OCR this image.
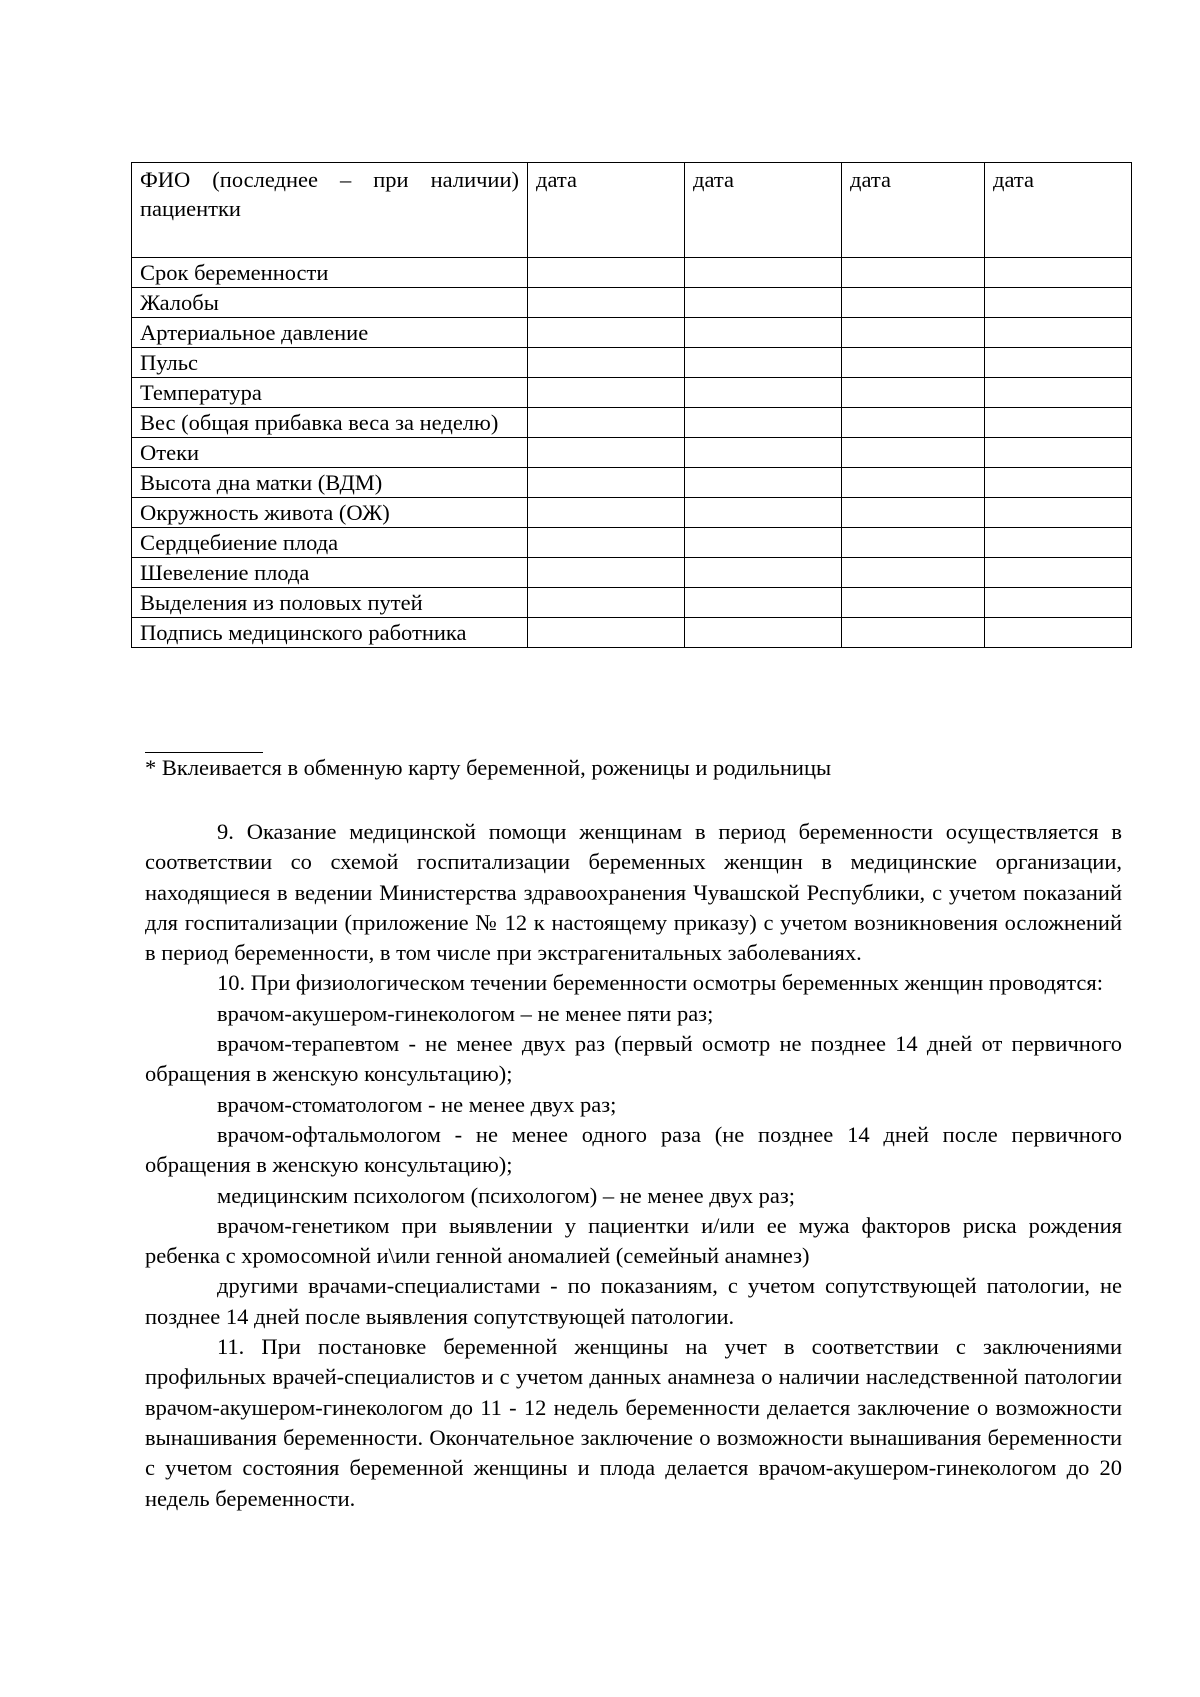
ФИО (последнее – при наличии)
пациентки	дата	дата	дата	дата
Срок беременности				
Жалобы				
Артериальное давление				
Пульс				
Температура				
Вес (общая прибавка веса за неделю)				
Отеки				
Высота дна матки (ВДМ)				
Окружность живота (ОЖ)				
Сердцебиение плода				
Шевеление плода				
Выделения из половых путей				
Подпись медицинского работника				
* Вклеивается в обменную карту беременной, роженицы и родильницы

9. Оказание медицинской помощи женщинам в период беременности осуществляется в соответствии со схемой госпитализации беременных женщин в медицинские организации, находящиеся в ведении Министерства здравоохранения Чувашской Республики, с учетом показаний для госпитализации (приложение № 12 к настоящему приказу) с учетом возникновения осложнений в период беременности, в том числе при экстрагенитальных заболеваниях.

10. При физиологическом течении беременности осмотры беременных женщин проводятся:

врачом-акушером-гинекологом – не менее пяти раз;

врачом-терапевтом - не менее двух раз (первый осмотр не позднее 14 дней от первичного обращения в женскую консультацию);

врачом-стоматологом - не менее двух раз;

врачом-офтальмологом - не менее одного раза (не позднее 14 дней после первичного обращения в женскую консультацию);

медицинским психологом (психологом) – не менее двух раз;

врачом-генетиком при выявлении у пациентки и/или ее мужа факторов риска рождения ребенка с хромосомной и\или генной аномалией (семейный анамнез)

другими врачами-специалистами - по показаниям, с учетом сопутствующей патологии, не позднее 14 дней после выявления сопутствующей патологии.

11. При постановке беременной женщины на учет в соответствии с заключениями профильных врачей-специалистов и с учетом данных анамнеза о наличии наследственной патологии врачом-акушером-гинекологом до 11 - 12 недель беременности делается заключение о возможности вынашивания беременности. Окончательное заключение о возможности вынашивания беременности с учетом состояния беременной женщины и плода делается врачом-акушером-гинекологом до 20 недель беременности.
